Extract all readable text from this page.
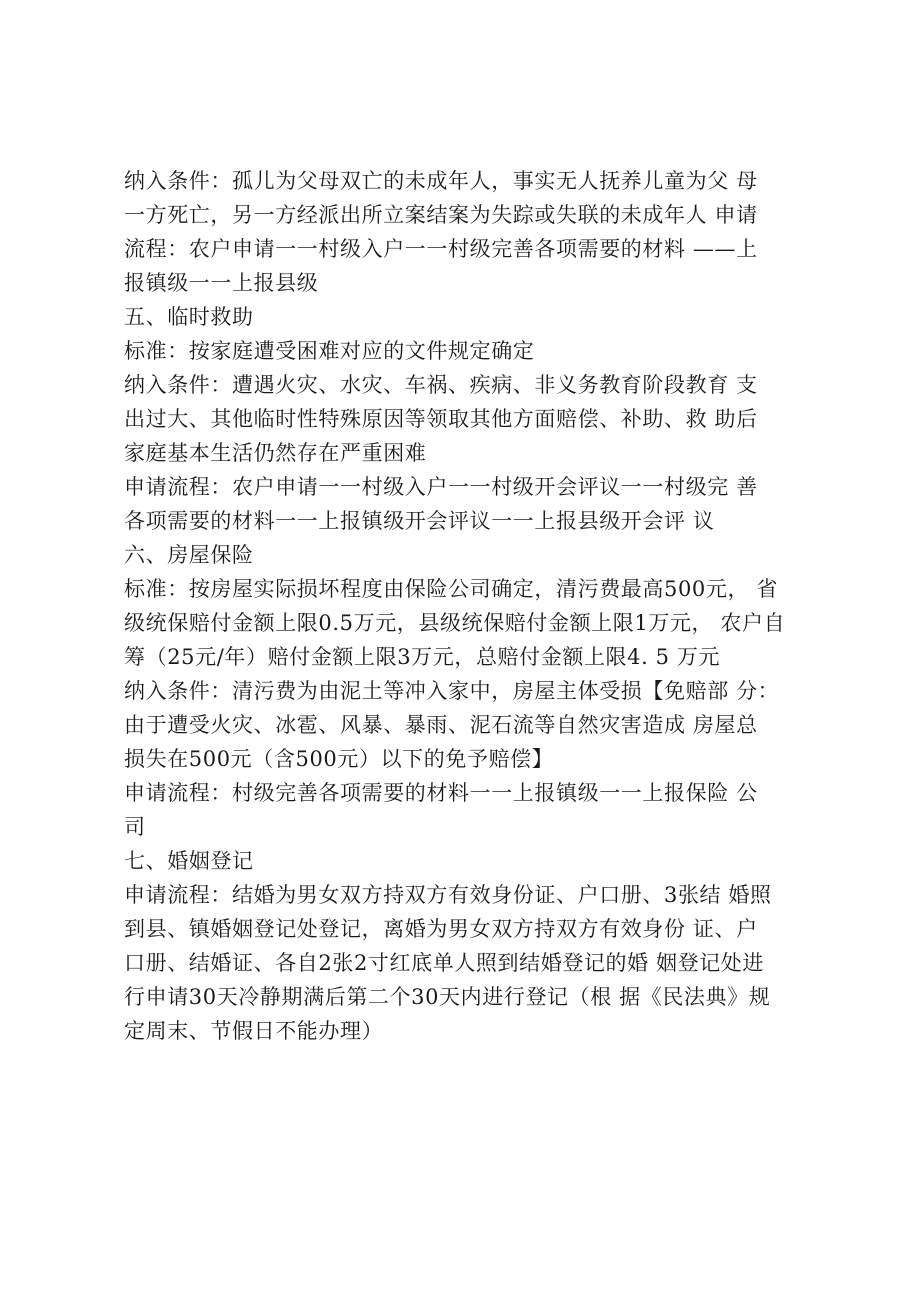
纳入条件：孤儿为父母双亡的未成年人，事实无人抚养儿童为父 母
一方死亡，另一方经派出所立案结案为失踪或失联的未成年人 申请
流程：农户申请一一村级入户一一村级完善各项需要的材料 ——上
报镇级一一上报县级
五、临时救助
标准：按家庭遭受困难对应的文件规定确定
纳入条件：遭遇火灾、水灾、车祸、疾病、非义务教育阶段教育 支
出过大、其他临时性特殊原因等领取其他方面赔偿、补助、救 助后
家庭基本生活仍然存在严重困难
申请流程：农户申请一一村级入户一一村级开会评议一一村级完 善
各项需要的材料一一上报镇级开会评议一一上报县级开会评 议
六、房屋保险
标准：按房屋实际损坏程度由保险公司确定，清污费最高500元， 省
级统保赔付金额上限0.5万元，县级统保赔付金额上限1万元， 农户自
筹（25元/年）赔付金额上限3万元，总赔付金额上限4. 5 万元
纳入条件：清污费为由泥土等冲入家中，房屋主体受损【免赔部 分：
由于遭受火灾、冰雹、风暴、暴雨、泥石流等自然灾害造成 房屋总
损失在500元（含500元）以下的免予赔偿】
申请流程：村级完善各项需要的材料一一上报镇级一一上报保险 公
司
七、婚姻登记
申请流程：结婚为男女双方持双方有效身份证、户口册、3张结 婚照
到县、镇婚姻登记处登记，离婚为男女双方持双方有效身份 证、户
口册、结婚证、各自2张2寸红底单人照到结婚登记的婚 姻登记处进
行申请30天冷静期满后第二个30天内进行登记（根 据《民法典》规
定周末、节假日不能办理）
